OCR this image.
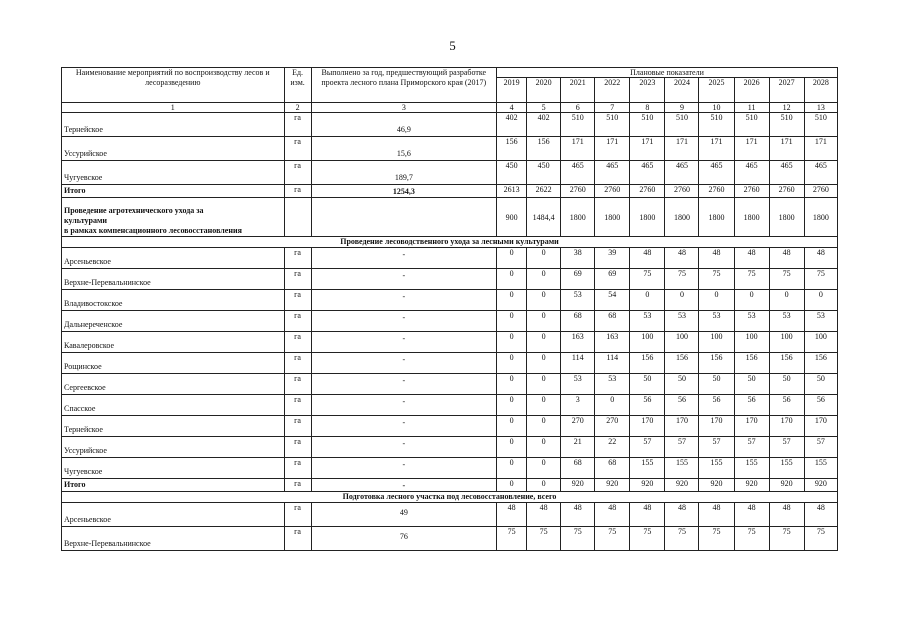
5
Наименование мероприятий по воспроизводству лесов и лесоразведению	Ед. изм.	Выполнено за год, предшествующий разработке проекта лесного плана Приморского края (2017)	Плановые показатели									
			2019	2020	2021	2022	2023	2024	2025	2026	2027	2028
1	2	3	4	5	6	7	8	9	10	11	12	13

Тернейское	га	46,9	402	402	510	510	510	510	510	510	510	510

Уссурийское	га	15,6	156	156	171	171	171	171	171	171	171	171

Чугуевское	га	189,7	450	450	465	465	465	465	465	465	465	465

Итого	га	1254,3	2613	2622	2760	2760	2760	2760	2760	2760	2760	2760

Проведение агротехнического ухода за
культурами
в рамках компенсационного лесовосстановления			900	1484,4	1800	1800	1800	1800	1800	1800	1800	1800
Проведение лесоводственного ухода за лесными культурами												

Арсеньевское	га	-	0	0	38	39	48	48	48	48	48	48

Верхне-Перевальнинское	га	-	0	0	69	69	75	75	75	75	75	75

Владивостокское	га	-	0	0	53	54	0	0	0	0	0	0

Дальнереченское	га	-	0	0	68	68	53	53	53	53	53	53

Кавалеровское	га	-	0	0	163	163	100	100	100	100	100	100

Рощинское	га	-	0	0	114	114	156	156	156	156	156	156

Сергеевское	га	-	0	0	53	53	50	50	50	50	50	50

Спасское	га	-	0	0	3	0	56	56	56	56	56	56

Тернейское	га	-	0	0	270	270	170	170	170	170	170	170

Уссурийское	га	-	0	0	21	22	57	57	57	57	57	57

Чугуевское	га	-	0	0	68	68	155	155	155	155	155	155

Итого	га	-	0	0	920	920	920	920	920	920	920	920
Подготовка лесного участка под лесовосстановление, всего												

Арсеньевское	га	49	48	48	48	48	48	48	48	48	48	48

Верхне-Перевальнинское	га	76	75	75	75	75	75	75	75	75	75	75
